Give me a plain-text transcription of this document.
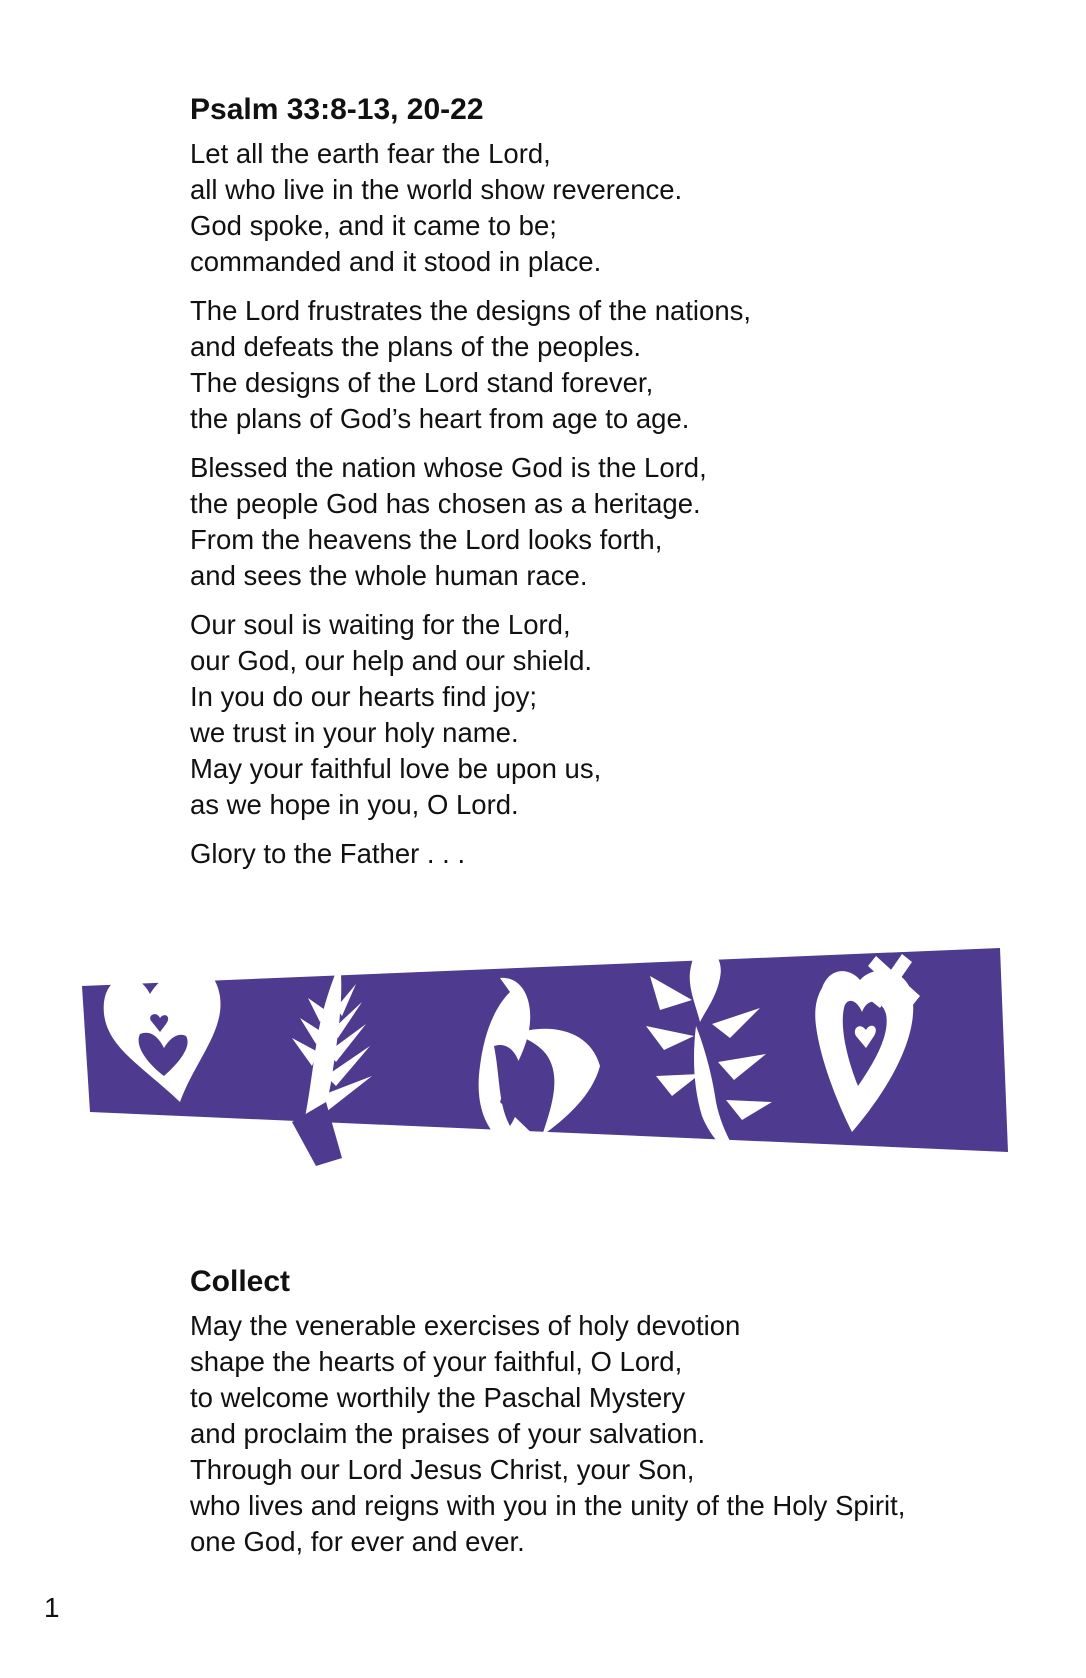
Psalm 33:8-13, 20-22
Let all the earth fear the Lord,
all who live in the world show reverence.
God spoke, and it came to be;
commanded and it stood in place.
The Lord frustrates the designs of the nations,
and defeats the plans of the peoples.
The designs of the Lord stand forever,
the plans of God’s heart from age to age.
Blessed the nation whose God is the Lord,
the people God has chosen as a heritage.
From the heavens the Lord looks forth,
and sees the whole human race.
Our soul is waiting for the Lord,
our God, our help and our shield.
In you do our hearts find joy;
we trust in your holy name.
May your faithful love be upon us,
as we hope in you, O Lord.
Glory to the Father . . .
Collect
May the venerable exercises of holy devotion
shape the hearts of your faithful, O Lord,
to welcome worthily the Paschal Mystery
and proclaim the praises of your salvation.
Through our Lord Jesus Christ, your Son,
who lives and reigns with you in the unity of the Holy Spirit,
one God, for ever and ever.
1
